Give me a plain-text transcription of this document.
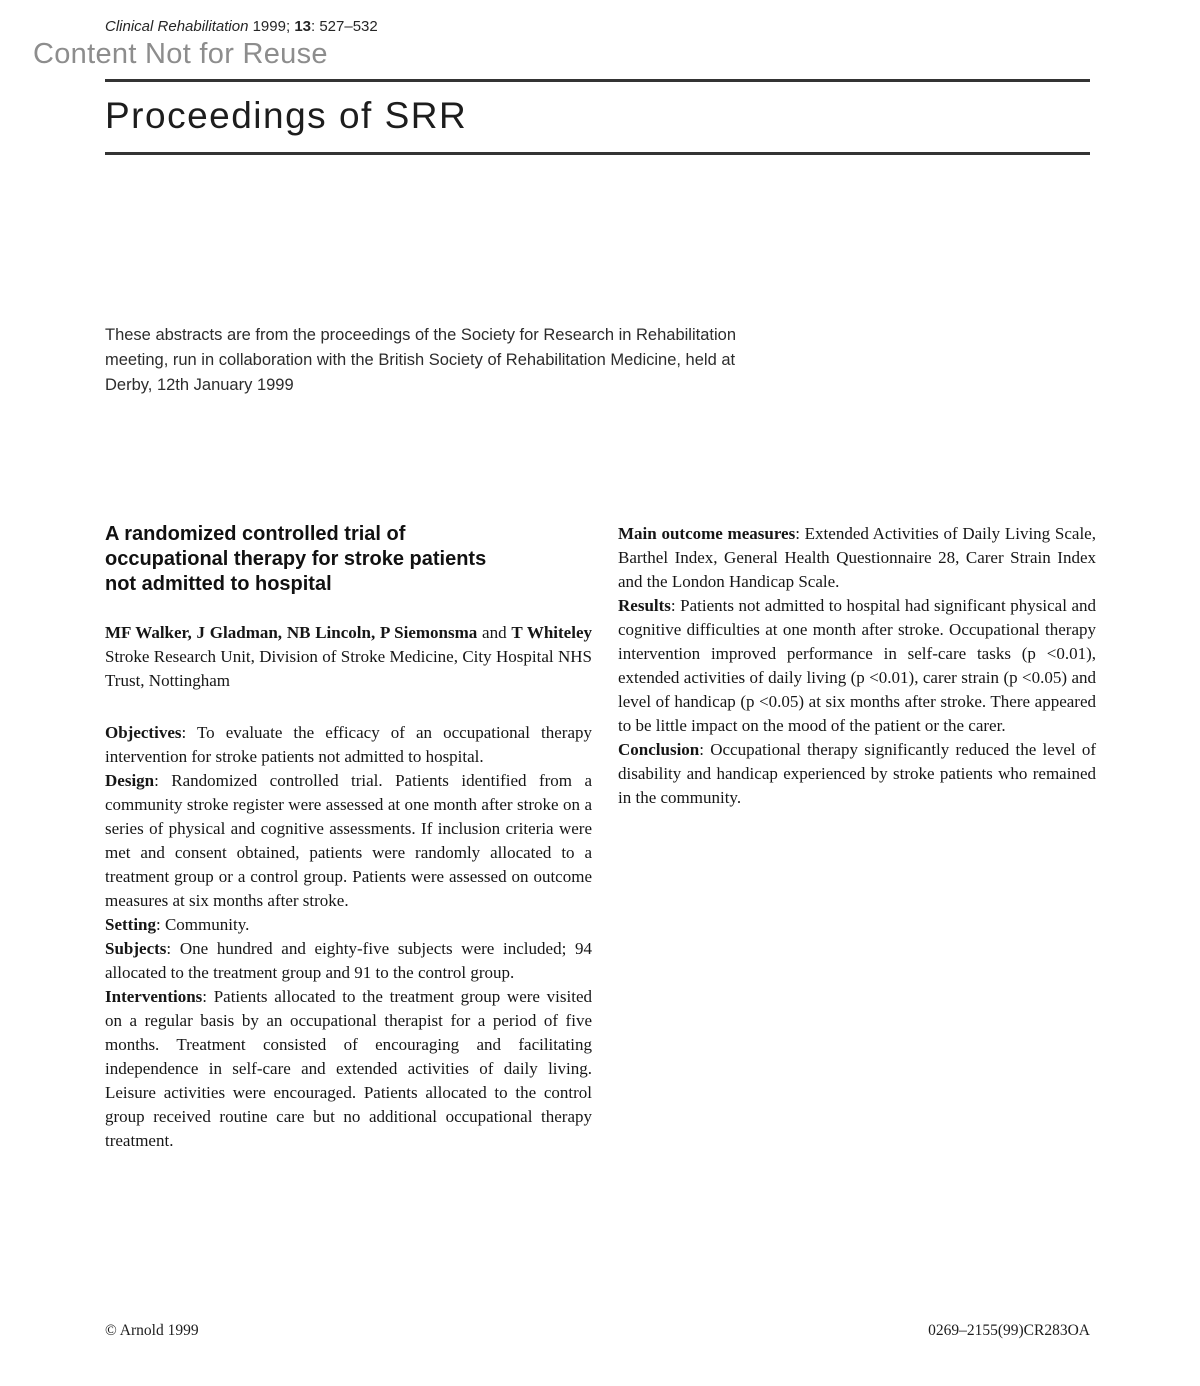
Clinical Rehabilitation 1999; 13: 527–532

Content Not for Reuse

Proceedings of SRR

These abstracts are from the proceedings of the Society for Research in Rehabilitation meeting, run in collaboration with the British Society of Rehabilitation Medicine, held at Derby, 12th January 1999

A randomized controlled trial of occupational therapy for stroke patients not admitted to hospital

MF Walker, J Gladman, NB Lincoln, P Siemonsma and T Whiteley Stroke Research Unit, Division of Stroke Medicine, City Hospital NHS Trust, Nottingham

Objectives: To evaluate the efficacy of an occupational therapy intervention for stroke patients not admitted to hospital.

Design: Randomized controlled trial. Patients identified from a community stroke register were assessed at one month after stroke on a series of physical and cognitive assessments. If inclusion criteria were met and consent obtained, patients were randomly allocated to a treatment group or a control group. Patients were assessed on outcome measures at six months after stroke.

Setting: Community.

Subjects: One hundred and eighty-five subjects were included; 94 allocated to the treatment group and 91 to the control group.

Interventions: Patients allocated to the treatment group were visited on a regular basis by an occupational therapist for a period of five months. Treatment consisted of encouraging and facilitating independence in self-care and extended activities of daily living. Leisure activities were encouraged. Patients allocated to the control group received routine care but no additional occupational therapy treatment.

Main outcome measures: Extended Activities of Daily Living Scale, Barthel Index, General Health Questionnaire 28, Carer Strain Index and the London Handicap Scale.

Results: Patients not admitted to hospital had significant physical and cognitive difficulties at one month after stroke. Occupational therapy intervention improved performance in self-care tasks (p <0.01), extended activities of daily living (p <0.01), carer strain (p <0.05) and level of handicap (p <0.05) at six months after stroke. There appeared to be little impact on the mood of the patient or the carer.

Conclusion: Occupational therapy significantly reduced the level of disability and handicap experienced by stroke patients who remained in the community.

© Arnold 1999	0269–2155(99)CR283OA
